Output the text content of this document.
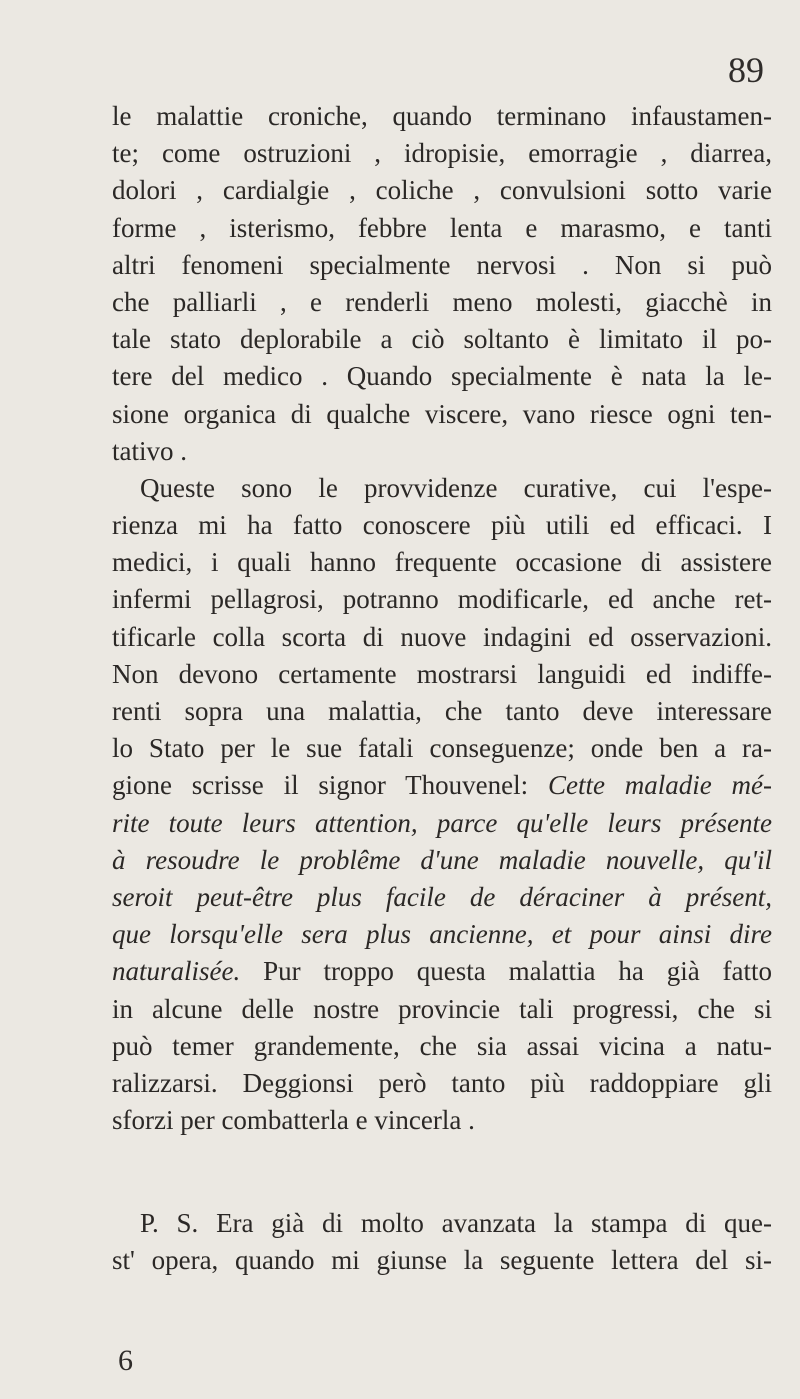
89
le malattie croniche, quando terminano infaustamen-
te; come ostruzioni , idropisie, emorragie , diarrea,
dolori , cardialgie , coliche , convulsioni sotto varie
forme , isterismo, febbre lenta e marasmo, e tanti
altri fenomeni specialmente nervosi . Non si può
che palliarli , e renderli meno molesti, giacchè in
tale stato deplorabile a ciò soltanto è limitato il po-
tere del medico . Quando specialmente è nata la le-
sione organica di qualche viscere, vano riesce ogni ten-
tativo .
Queste sono le provvidenze curative, cui l'espe-
rienza mi ha fatto conoscere più utili ed efficaci. I
medici, i quali hanno frequente occasione di assistere
infermi pellagrosi, potranno modificarle, ed anche ret-
tificarle colla scorta di nuove indagini ed osservazioni.
Non devono certamente mostrarsi languidi ed indiffe-
renti sopra una malattia, che tanto deve interessare
lo Stato per le sue fatali conseguenze; onde ben a ra-
gione scrisse il signor Thouvenel: Cette maladie mé-
rite toute leurs attention, parce qu'elle leurs présente
à resoudre le problême d'une maladie nouvelle, qu'il
seroit peut-être plus facile de déraciner à présent,
que lorsqu'elle sera plus ancienne, et pour ainsi dire
naturalisée. Pur troppo questa malattia ha già fatto
in alcune delle nostre provincie tali progressi, che si
può temer grandemente, che sia assai vicina a natu-
ralizzarsi. Deggionsi però tanto più raddoppiare gli
sforzi per combatterla e vincerla .
P. S. Era già di molto avanzata la stampa di que-
st' opera, quando mi giunse la seguente lettera del si-
6
